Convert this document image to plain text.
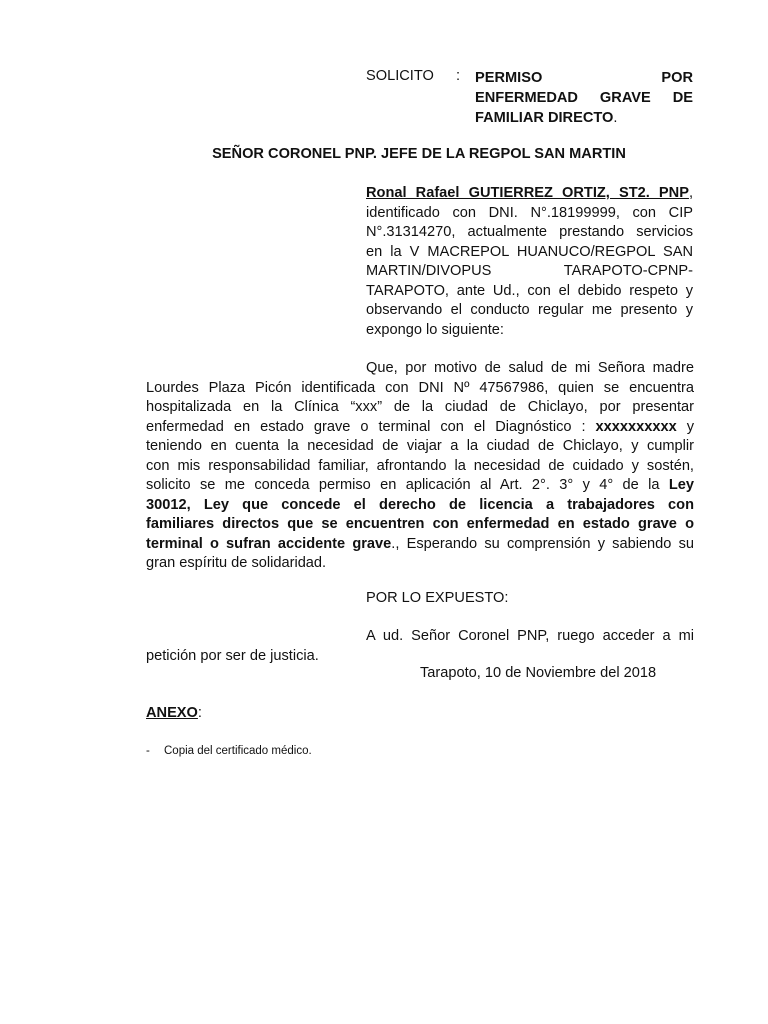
SOLICITO	:	PERMISO	POR
ENFERMEDAD GRAVE DE
FAMILIAR DIRECTO.
SEÑOR CORONEL PNP. JEFE DE LA REGPOL SAN MARTIN
Ronal Rafael GUTIERREZ ORTIZ, ST2. PNP,
identificado con DNI. N°.18199999, con CIP
N°.31314270, actualmente prestando servicios
en la V MACREPOL HUANUCO/REGPOL SAN
MARTIN/DIVOPUS	TARAPOTO-CPNP-
TARAPOTO, ante Ud., con el debido respeto y
observando el conducto regular me presento y
expongo lo siguiente:
Que, por motivo de salud de mi Señora madre
Lourdes Plaza Picón identificada con DNI Nº 47567986, quien se encuentra
hospitalizada en la Clínica “xxx” de la ciudad de Chiclayo, por presentar
enfermedad en estado grave o terminal con el Diagnóstico : xxxxxxxxxx y
teniendo en cuenta la necesidad de viajar a la ciudad de Chiclayo, y cumplir
con mis responsabilidad familiar, afrontando la necesidad de cuidado y sostén,
solicito se me conceda permiso en aplicación al Art. 2°. 3° y 4° de la Ley
30012, Ley que concede el derecho de licencia a trabajadores con
familiares directos que se encuentren con enfermedad en estado grave o
terminal o sufran accidente grave., Esperando su comprensión y sabiendo su
gran espíritu de solidaridad.
POR LO EXPUESTO:
A ud. Señor Coronel PNP, ruego acceder a mi
petición por ser de justicia.
Tarapoto, 10 de Noviembre del 2018
ANEXO:
- Copia del certificado médico.
